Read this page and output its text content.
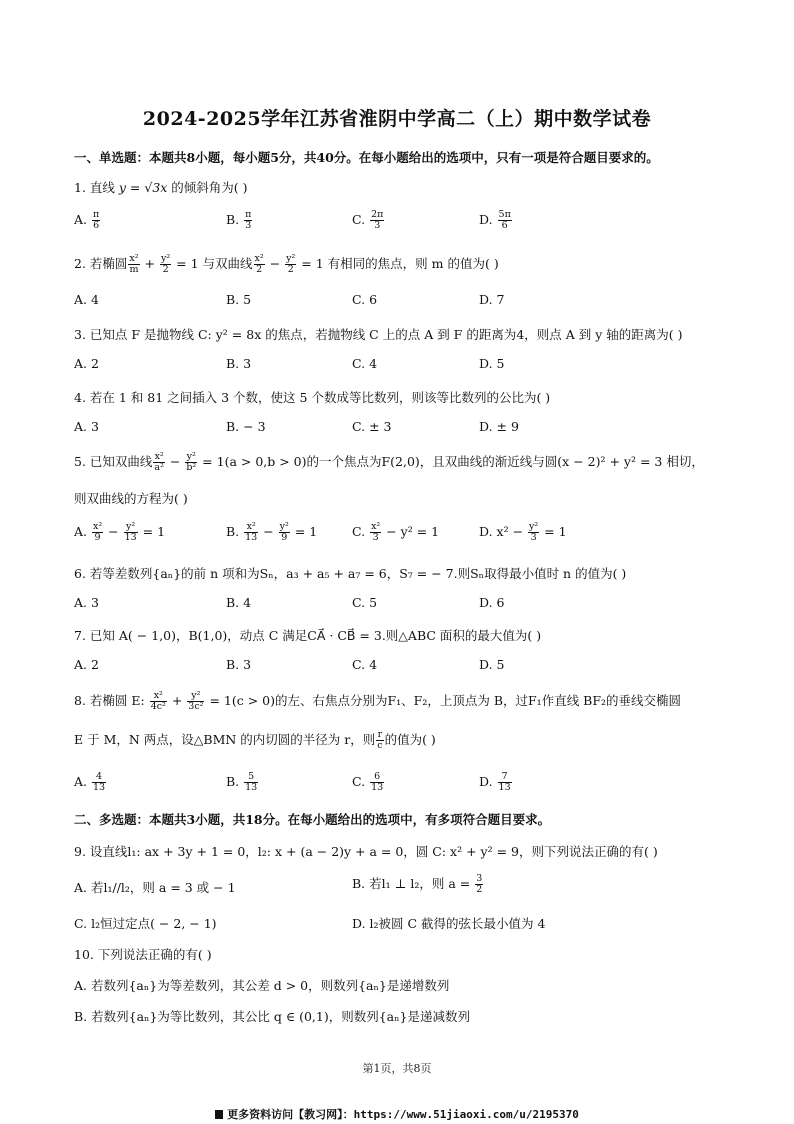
2024-2025学年江苏省淮阴中学高二（上）期中数学试卷
一、单选题：本题共8小题，每小题5分，共40分。在每小题给出的选项中，只有一项是符合题目要求的。
1. 直线 y = √3x 的倾斜角为( )
A. $\frac{\pi}{6}$	B. $\frac{\pi}{3}$	C. $\frac{2\pi}{3}$	D. $\frac{5\pi}{6}$
2. 若椭圆 $\frac{\text{x²}}{m} + \frac{\text{y²}}{2} = 1$ 与双曲线 $\frac{\text{x²}}{2} - \frac{\text{y²}}{2} = 1$ 有相同的焦点，则 m 的值为( )
A. 4	B. 5	C. 6	D. 7
3. 已知点 F 是抛物线 C: y² = 8x 的焦点，若抛物线 C 上的点 A 到 F 的距离为4，则点 A 到 y 轴的距离为( )
A. 2	B. 3	C. 4	D. 5
4. 若在 1 和 81 之间插入 3 个数，使这 5 个数成等比数列，则该等比数列的公比为( )
A. 3	B. − 3	C. ± 3	D. ± 9
5. 已知双曲线 $\frac{\text{x²}}{\text{a²}} - \frac{\text{y²}}{\text{b²}} = 1(a > 0,b > 0)$的一个焦点为F(2,0)，且双曲线的渐近线与圆(x − 2)² + y² = 3 相切，
则双曲线的方程为( )
A. $\frac{\text{x²}}{9} - \frac{\text{y²}}{13} = 1$	B. $\frac{\text{x²}}{13} - \frac{\text{y²}}{9} = 1$	C. $\frac{\text{x²}}{3} - y^2 = 1$	D. $x^2 - \frac{\text{y²}}{3} = 1$
6. 若等差数列{aₙ}的前 n 项和为Sₙ，a₃ + a₅ + a₇ = 6，S₇ = − 7.则Sₙ取得最小值时 n 的值为( )
A. 3	B. 4	C. 5	D. 6
7. 已知 A( − 1,0)，B(1,0)，动点 C 满足CA⃗ · CB⃗ = 3.则△ABC 面积的最大值为( )
A. 2	B. 3	C. 4	D. 5
8. 若椭圆 E: $\frac{\text{x²}}{\text{4c²}} + \frac{\text{y²}}{\text{3c²}} = 1(c > 0)$的左、右焦点分别为F₁、F₂，上顶点为 B，过F₁作直线 BF₂的垂线交椭圆
E 于 M，N 两点，设△BMN 的内切圆的半径为 r，则 $\frac{r}{c}$ 的值为( )
A. $\frac{4}{13}$	B. $\frac{5}{13}$	C. $\frac{6}{13}$	D. $\frac{7}{13}$
二、多选题：本题共3小题，共18分。在每小题给出的选项中，有多项符合题目要求。
9. 设直线l₁: ax + 3y + 1 = 0，l₂: x + (a − 2)y + a = 0，圆 C: x² + y² = 9，则下列说法正确的有( )
A. 若l₁//l₂，则 a = 3 或 − 1	B. 若l₁ ⊥ l₂，则 $a = \frac{3}{2}$
C. l₂恒过定点( − 2, − 1)	D. l₂被圆 C 截得的弦长最小值为 4
10. 下列说法正确的有( )
A. 若数列{aₙ}为等差数列，其公差 d > 0，则数列{aₙ}是递增数列
B. 若数列{aₙ}为等比数列，其公比 q ∈ (0,1)，则数列{aₙ}是递减数列
第1页，共8页
更多资料访问【教习网】：https://www.51jiaoxi.com/u/2195370
